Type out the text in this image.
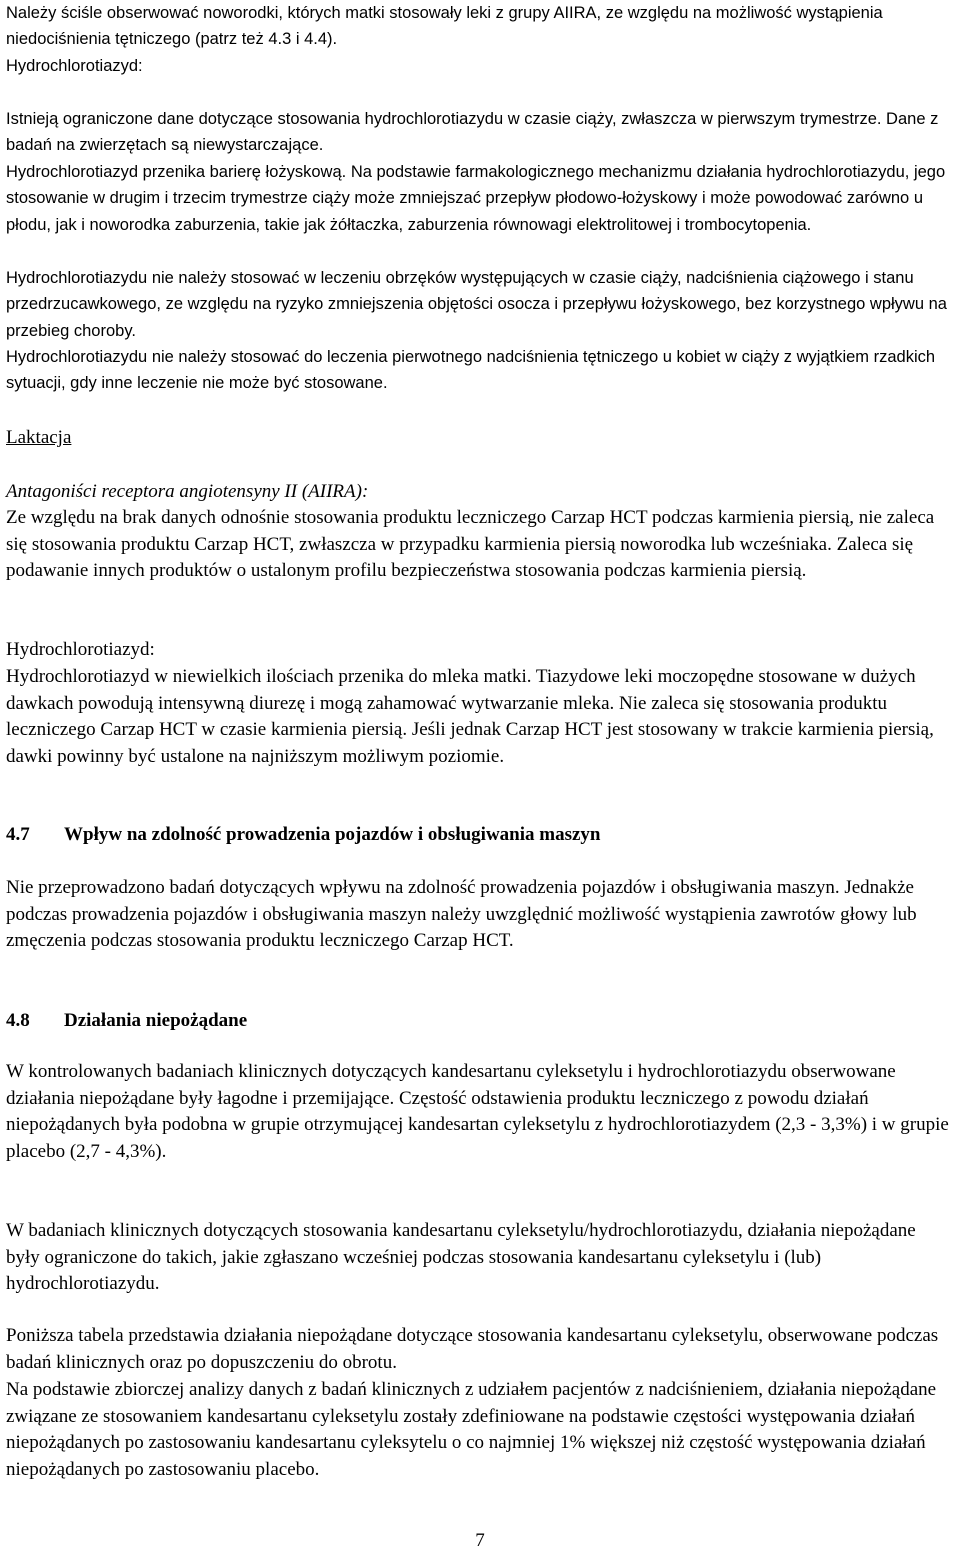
Należy ściśle obserwować noworodki, których matki stosowały leki z grupy AIIRA, ze względu na możliwość wystąpienia niedociśnienia tętniczego (patrz też 4.3 i 4.4).

Hydrochlorotiazyd:

Istnieją ograniczone dane dotyczące stosowania hydrochlorotiazydu w czasie ciąży, zwłaszcza w pierwszym trymestrze. Dane z badań na zwierzętach są niewystarczające.

Hydrochlorotiazyd przenika barierę łożyskową. Na podstawie farmakologicznego mechanizmu działania hydrochlorotiazydu, jego stosowanie w drugim i trzecim trymestrze ciąży może zmniejszać przepływ płodowo-łożyskowy i może powodować zarówno u płodu, jak i noworodka zaburzenia, takie jak żółtaczka, zaburzenia równowagi elektrolitowej i trombocytopenia.

Hydrochlorotiazydu nie należy stosować w leczeniu obrzęków występujących w czasie ciąży, nadciśnienia ciążowego i stanu przedrzucawkowego, ze względu na ryzyko zmniejszenia objętości osocza i przepływu łożyskowego, bez korzystnego wpływu na przebieg choroby.

Hydrochlorotiazydu nie należy stosować do leczenia pierwotnego nadciśnienia tętniczego u kobiet w ciąży z wyjątkiem rzadkich sytuacji, gdy inne leczenie nie może być stosowane.

Laktacja

Antagoniści receptora angiotensyny II (AIIRA):

Ze względu na brak danych odnośnie stosowania produktu leczniczego Carzap HCT podczas karmienia piersią, nie zaleca się stosowania produktu Carzap HCT, zwłaszcza w przypadku karmienia piersią noworodka lub wcześniaka. Zaleca się podawanie innych produktów o ustalonym profilu bezpieczeństwa stosowania podczas karmienia piersią.

Hydrochlorotiazyd:

Hydrochlorotiazyd w niewielkich ilościach przenika do mleka matki. Tiazydowe leki moczopędne stosowane w dużych dawkach powodują intensywną diurezę i mogą zahamować wytwarzanie mleka. Nie zaleca się stosowania produktu leczniczego Carzap HCT w czasie karmienia piersią. Jeśli jednak Carzap HCT jest stosowany w trakcie karmienia piersią, dawki powinny być ustalone na najniższym możliwym poziomie.

4.7 Wpływ na zdolność prowadzenia pojazdów i obsługiwania maszyn

Nie przeprowadzono badań dotyczących wpływu na zdolność prowadzenia pojazdów i obsługiwania maszyn. Jednakże podczas prowadzenia pojazdów i obsługiwania maszyn należy uwzględnić możliwość wystąpienia zawrotów głowy lub zmęczenia podczas stosowania produktu leczniczego Carzap HCT.

4.8 Działania niepożądane

W kontrolowanych badaniach klinicznych dotyczących kandesartanu cyleksetylu i hydrochlorotiazydu obserwowane działania niepożądane były łagodne i przemijające. Częstość odstawienia produktu leczniczego z powodu działań niepożądanych była podobna w grupie otrzymującej kandesartan cyleksetylu z hydrochlorotiazydem (2,3 - 3,3%) i w grupie placebo (2,7 - 4,3%).

W badaniach klinicznych dotyczących stosowania kandesartanu cyleksetylu/hydrochlorotiazydu, działania niepożądane były ograniczone do takich, jakie zgłaszano wcześniej podczas stosowania kandesartanu cyleksetylu i (lub) hydrochlorotiazydu.

Poniższa tabela przedstawia działania niepożądane dotyczące stosowania kandesartanu cyleksetylu, obserwowane podczas badań klinicznych oraz po dopuszczeniu do obrotu.

Na podstawie zbiorczej analizy danych z badań klinicznych z udziałem pacjentów z nadciśnieniem, działania niepożądane związane ze stosowaniem kandesartanu cyleksetylu zostały zdefiniowane na podstawie częstości występowania działań niepożądanych po zastosowaniu kandesartanu cyleksytelu o co najmniej 1% większej niż częstość występowania działań niepożądanych po zastosowaniu placebo.

7
